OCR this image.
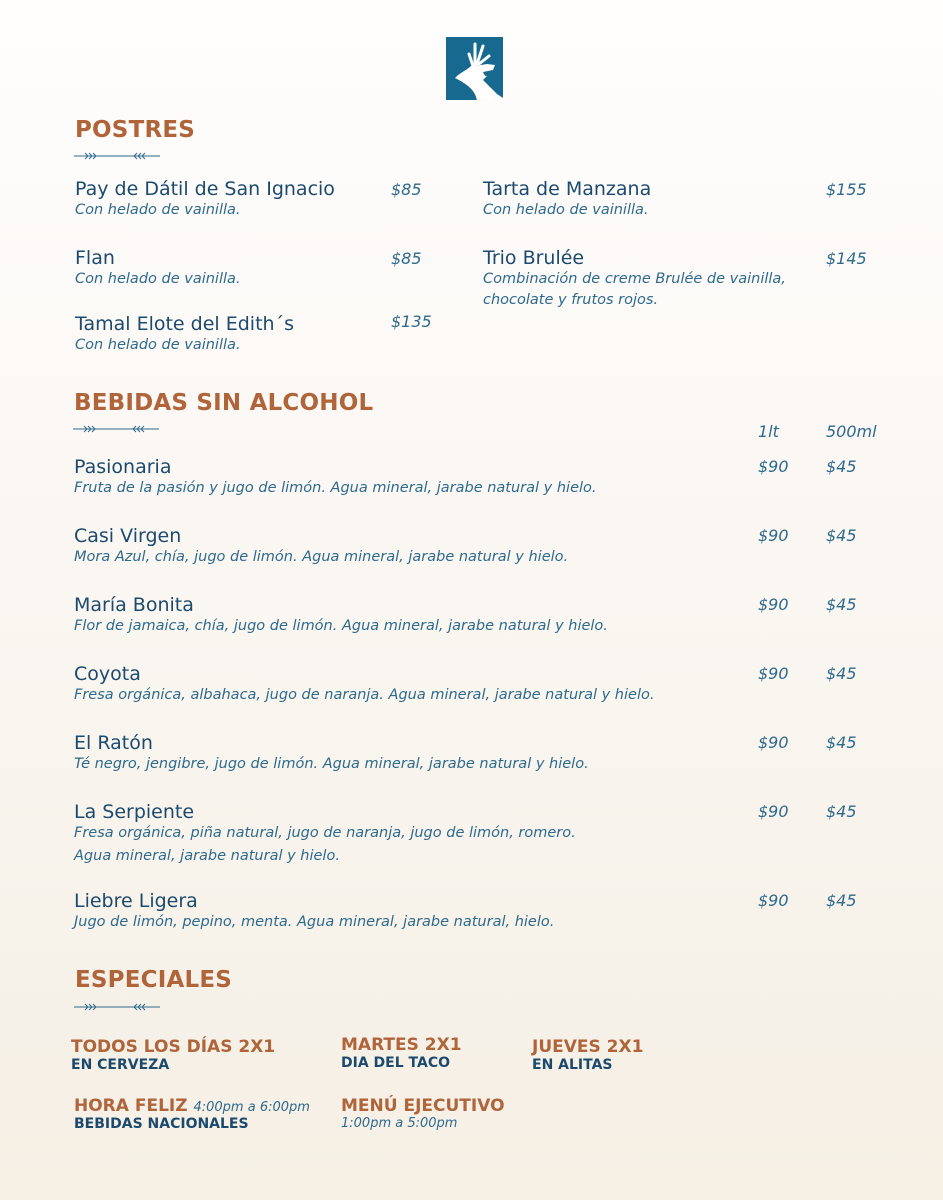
POSTRES
Pay de Dátil de San Ignacio
Con helado de vainilla.
$85
Flan
Con helado de vainilla.
$85
Tamal Elote del Edith´s
Con helado de vainilla.
$135
Tarta de Manzana
Con helado de vainilla.
$155
Trio Brulée
Combinación de creme Brulée de vainilla, chocolate y frutos rojos.
$145
BEBIDAS SIN ALCOHOL
1lt	500ml
Pasionaria
Fruta de la pasión y jugo de limón. Agua mineral, jarabe natural y hielo.
$90 $45
Casi Virgen
Mora Azul, chía, jugo de limón. Agua mineral, jarabe natural y hielo.
$90 $45
María Bonita
Flor de jamaica, chía, jugo de limón. Agua mineral, jarabe natural y hielo.
$90 $45
Coyota
Fresa orgánica, albahaca, jugo de naranja. Agua mineral, jarabe natural y hielo.
$90 $45
El Ratón
Té negro, jengibre, jugo de limón. Agua mineral, jarabe natural y hielo.
$90 $45
La Serpiente
Fresa orgánica, piña natural, jugo de naranja, jugo de limón, romero.
Agua mineral, jarabe natural y hielo.
$90 $45
Liebre Ligera
Jugo de limón, pepino, menta. Agua mineral, jarabe natural, hielo.
$90 $45
ESPECIALES
TODOS LOS DÍAS 2X1
EN CERVEZA
MARTES 2X1
DIA DEL TACO
JUEVES 2X1
EN ALITAS
HORA FELIZ 4:00pm a 6:00pm
BEBIDAS NACIONALES
MENÚ EJECUTIVO
1:00pm a 5:00pm
